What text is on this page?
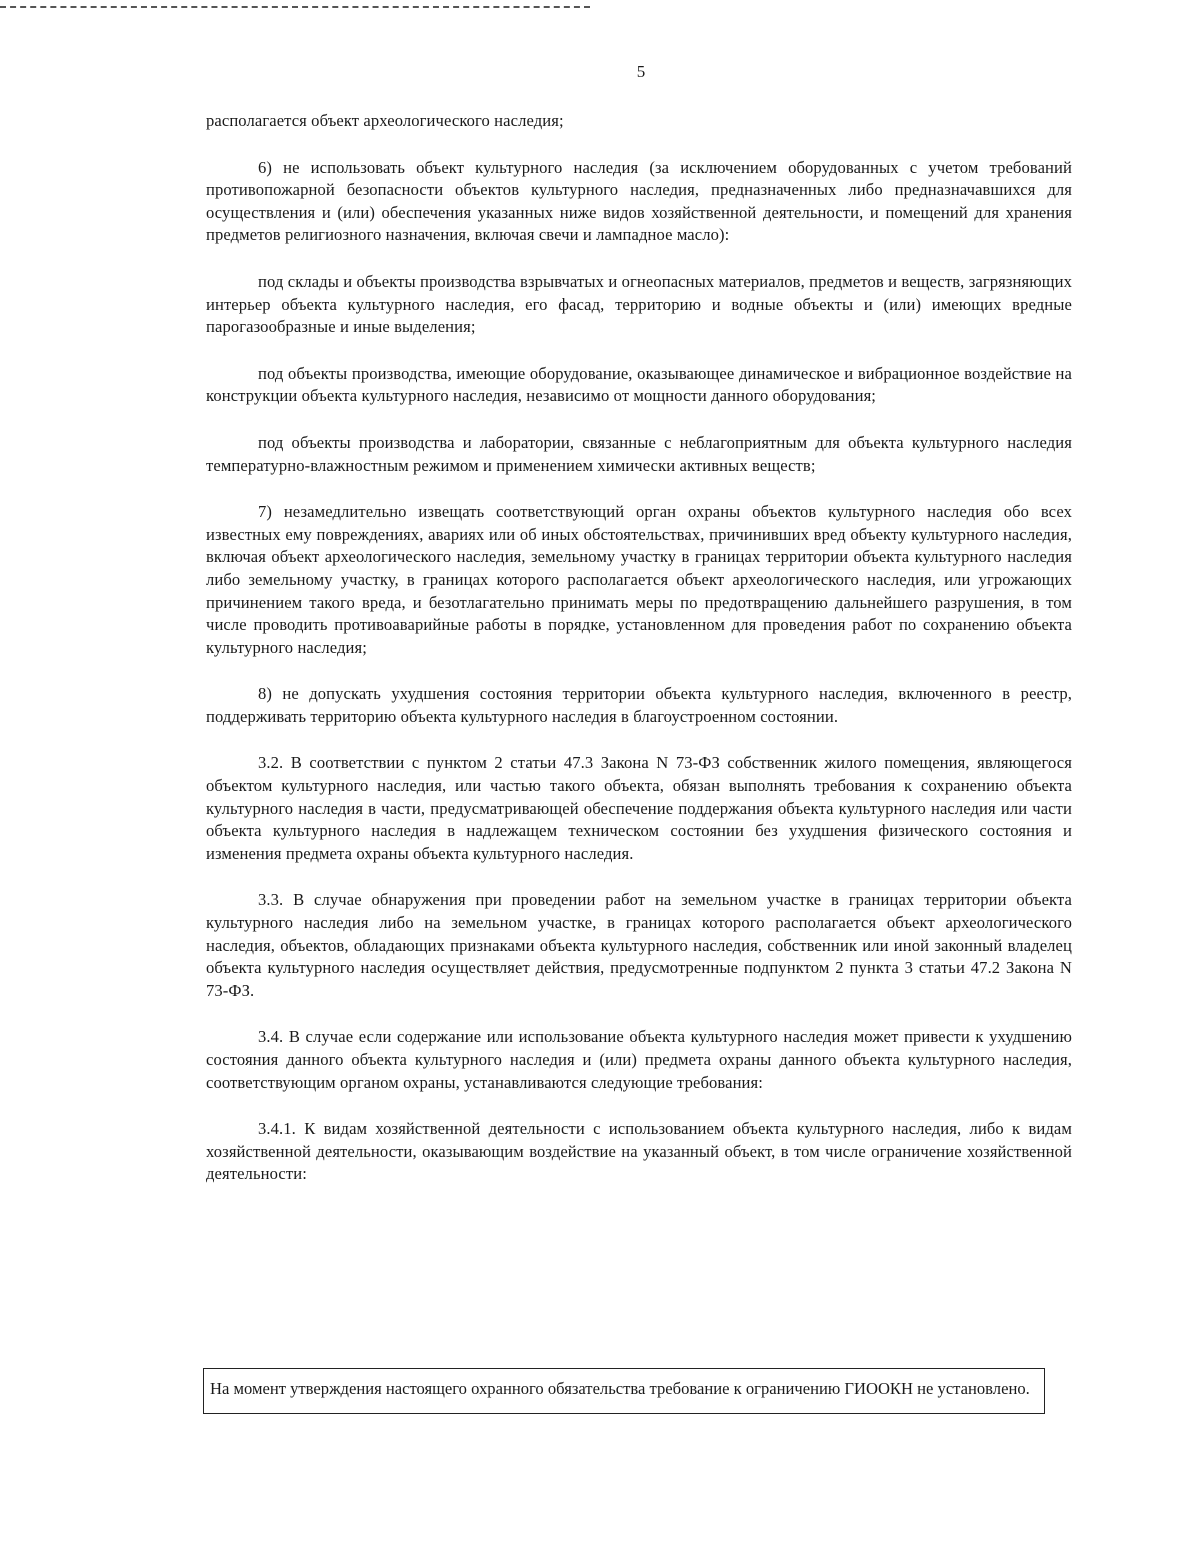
5

располагается объект археологического наследия;

6) не использовать объект культурного наследия (за исключением оборудованных с учетом требований противопожарной безопасности объектов культурного наследия, предназначенных либо предназначавшихся для осуществления и (или) обеспечения указанных ниже видов хозяйственной деятельности, и помещений для хранения предметов религиозного назначения, включая свечи и лампадное масло):

под склады и объекты производства взрывчатых и огнеопасных материалов, предметов и веществ, загрязняющих интерьер объекта культурного наследия, его фасад, территорию и водные объекты и (или) имеющих вредные парогазообразные и иные выделения;

под объекты производства, имеющие оборудование, оказывающее динамическое и вибрационное воздействие на конструкции объекта культурного наследия, независимо от мощности данного оборудования;

под объекты производства и лаборатории, связанные с неблагоприятным для объекта культурного наследия температурно-влажностным режимом и применением химически активных веществ;

7) незамедлительно извещать соответствующий орган охраны объектов культурного наследия обо всех известных ему повреждениях, авариях или об иных обстоятельствах, причинивших вред объекту культурного наследия, включая объект археологического наследия, земельному участку в границах территории объекта культурного наследия либо земельному участку, в границах которого располагается объект археологического наследия, или угрожающих причинением такого вреда, и безотлагательно принимать меры по предотвращению дальнейшего разрушения, в том числе проводить противоаварийные работы в порядке, установленном для проведения работ по сохранению объекта культурного наследия;

8) не допускать ухудшения состояния территории объекта культурного наследия, включенного в реестр, поддерживать территорию объекта культурного наследия в благоустроенном состоянии.

3.2. В соответствии с пунктом 2 статьи 47.3 Закона N 73-ФЗ собственник жилого помещения, являющегося объектом культурного наследия, или частью такого объекта, обязан выполнять требования к сохранению объекта культурного наследия в части, предусматривающей обеспечение поддержания объекта культурного наследия или части объекта культурного наследия в надлежащем техническом состоянии без ухудшения физического состояния и изменения предмета охраны объекта культурного наследия.

3.3. В случае обнаружения при проведении работ на земельном участке в границах территории объекта культурного наследия либо на земельном участке, в границах которого располагается объект археологического наследия, объектов, обладающих признаками объекта культурного наследия, собственник или иной законный владелец объекта культурного наследия осуществляет действия, предусмотренные подпунктом 2 пункта 3 статьи 47.2 Закона N 73-ФЗ.

3.4. В случае если содержание или использование объекта культурного наследия может привести к ухудшению состояния данного объекта культурного наследия и (или) предмета охраны данного объекта культурного наследия, соответствующим органом охраны, устанавливаются следующие требования:

3.4.1. К видам хозяйственной деятельности с использованием объекта культурного наследия, либо к видам хозяйственной деятельности, оказывающим воздействие на указанный объект, в том числе ограничение хозяйственной деятельности:

На момент утверждения настоящего охранного обязательства требование к ограничению ГИООКН не установлено.
